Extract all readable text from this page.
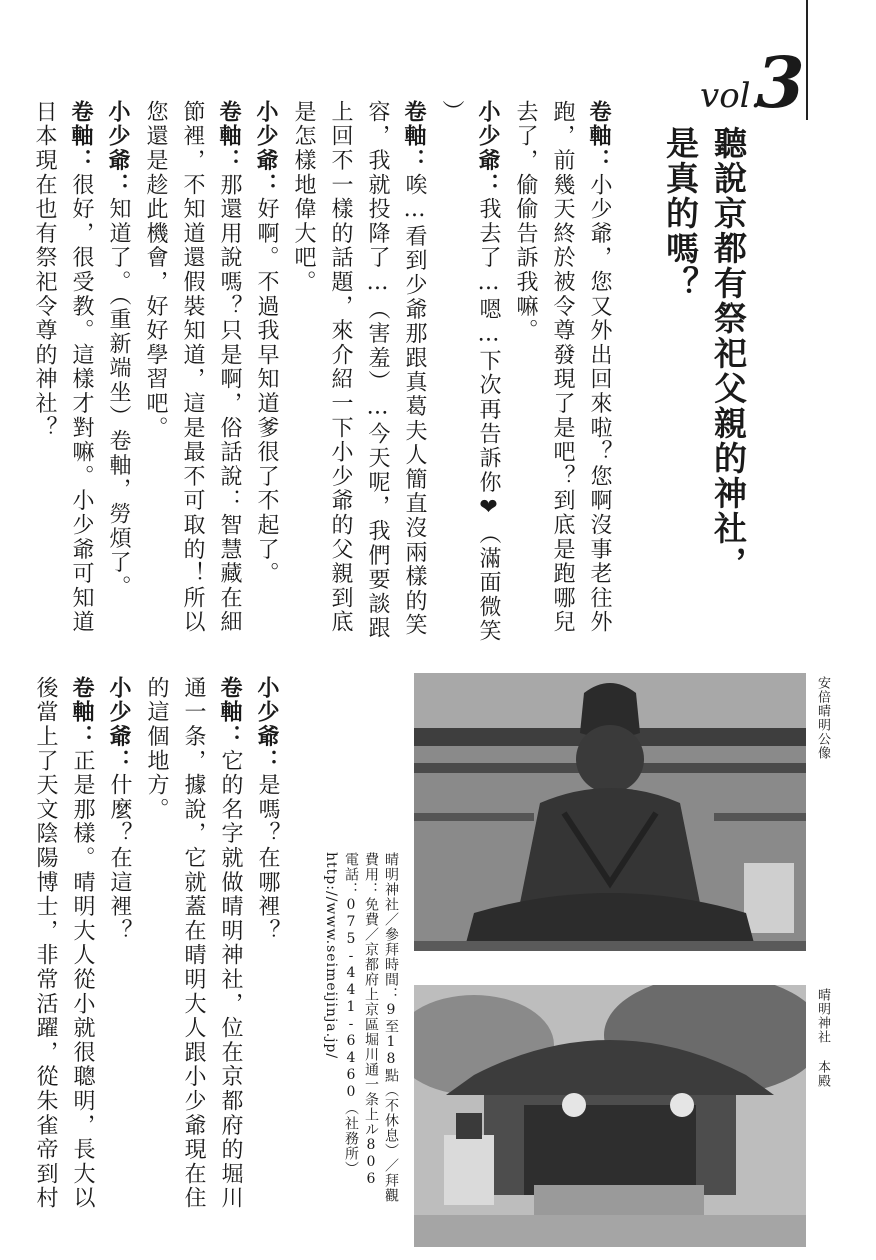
vol.
3
聽說京都有祭祀父親的神社，
是真的嗎？
卷軸：小少爺，您又外出回來啦？您啊沒事老往外
跑，前幾天終於被令尊發現了是吧？到底是跑哪兒
去了，偷偷告訴我嘛。
小少爺：我去了…嗯…下次再告訴你❤（滿面微笑
）
卷軸：唉…看到少爺那跟真葛夫人簡直沒兩樣的笑
容，我就投降了…（害羞）…今天呢，我們要談跟
上回不一樣的話題，來介紹一下小少爺的父親到底
是怎樣地偉大吧。
小少爺：好啊。不過我早知道爹很了不起了。
卷軸：那還用說嗎？只是啊，俗話說：智慧藏在細
節裡，不知道還假裝知道，這是最不可取的！所以
您還是趁此機會，好好學習吧。
小少爺：知道了。（重新端坐）卷軸，勞煩了。
卷軸：很好，很受教。這樣才對嘛。小少爺可知道
日本現在也有祭祀令尊的神社？
小少爺：是嗎？在哪裡？
卷軸：它的名字就做晴明神社，位在京都府的堀川
通一条，據說，它就蓋在晴明大人跟小少爺現在住
的這個地方。
小少爺：什麼？在這裡？
卷軸：正是那樣。晴明大人從小就很聰明，長大以
後當上了天文陰陽博士，非常活躍，從朱雀帝到村	安倍晴明公像
晴明神社 本殿
晴明神社／參拜時間：9至18點（不休息）／拜觀
費用：免費／京都府上京區堀川通一条上ル806
電話：075-441-6460（社務所）
http://www.seimeijinja.jp/
